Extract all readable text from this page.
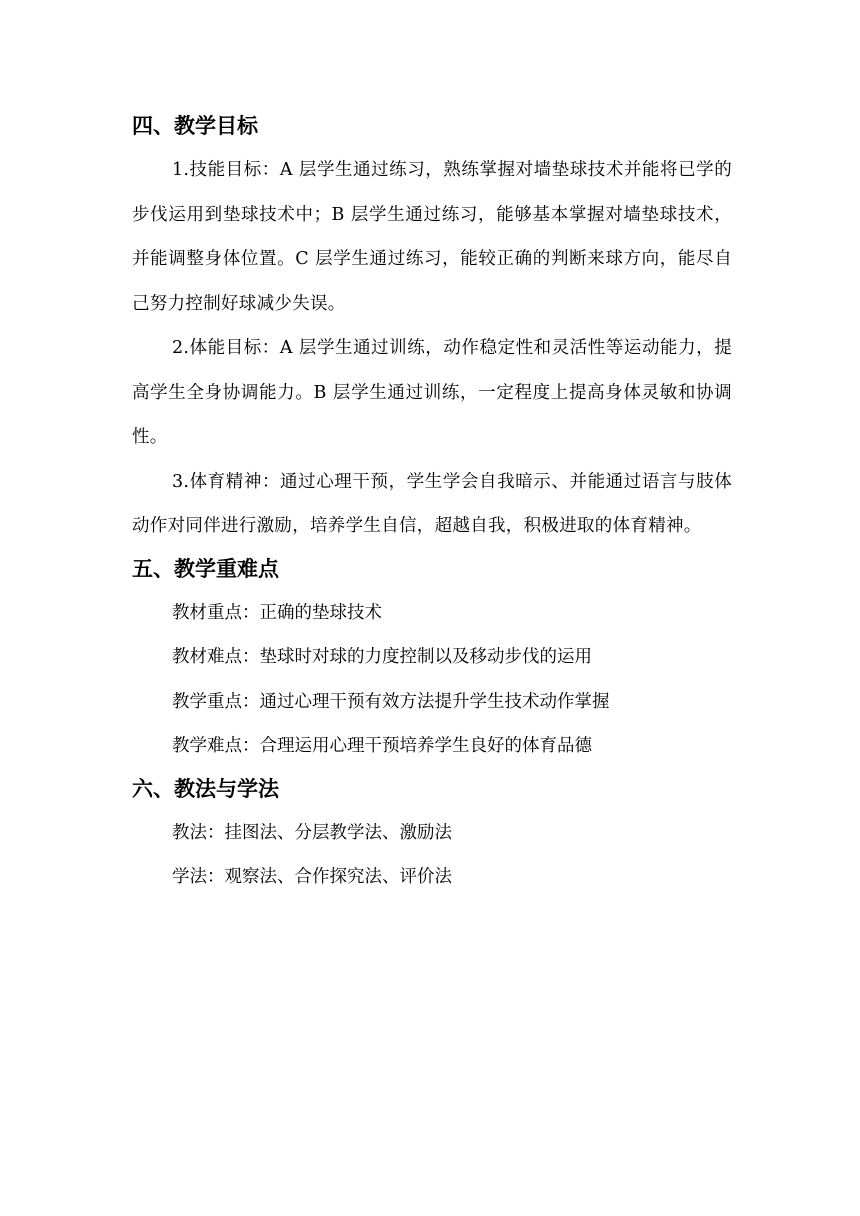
四、教学目标

1.技能目标：A 层学生通过练习，熟练掌握对墙垫球技术并能将已学的步伐运用到垫球技术中；B 层学生通过练习，能够基本掌握对墙垫球技术，并能调整身体位置。C 层学生通过练习，能较正确的判断来球方向，能尽自己努力控制好球减少失误。

2.体能目标：A 层学生通过训练，动作稳定性和灵活性等运动能力，提高学生全身协调能力。B 层学生通过训练，一定程度上提高身体灵敏和协调性。

3.体育精神：通过心理干预，学生学会自我暗示、并能通过语言与肢体动作对同伴进行激励，培养学生自信，超越自我，积极进取的体育精神。

五、教学重难点

教材重点：正确的垫球技术

教材难点：垫球时对球的力度控制以及移动步伐的运用

教学重点：通过心理干预有效方法提升学生技术动作掌握

教学难点：合理运用心理干预培养学生良好的体育品德

六、教法与学法

教法：挂图法、分层教学法、激励法

学法：观察法、合作探究法、评价法
